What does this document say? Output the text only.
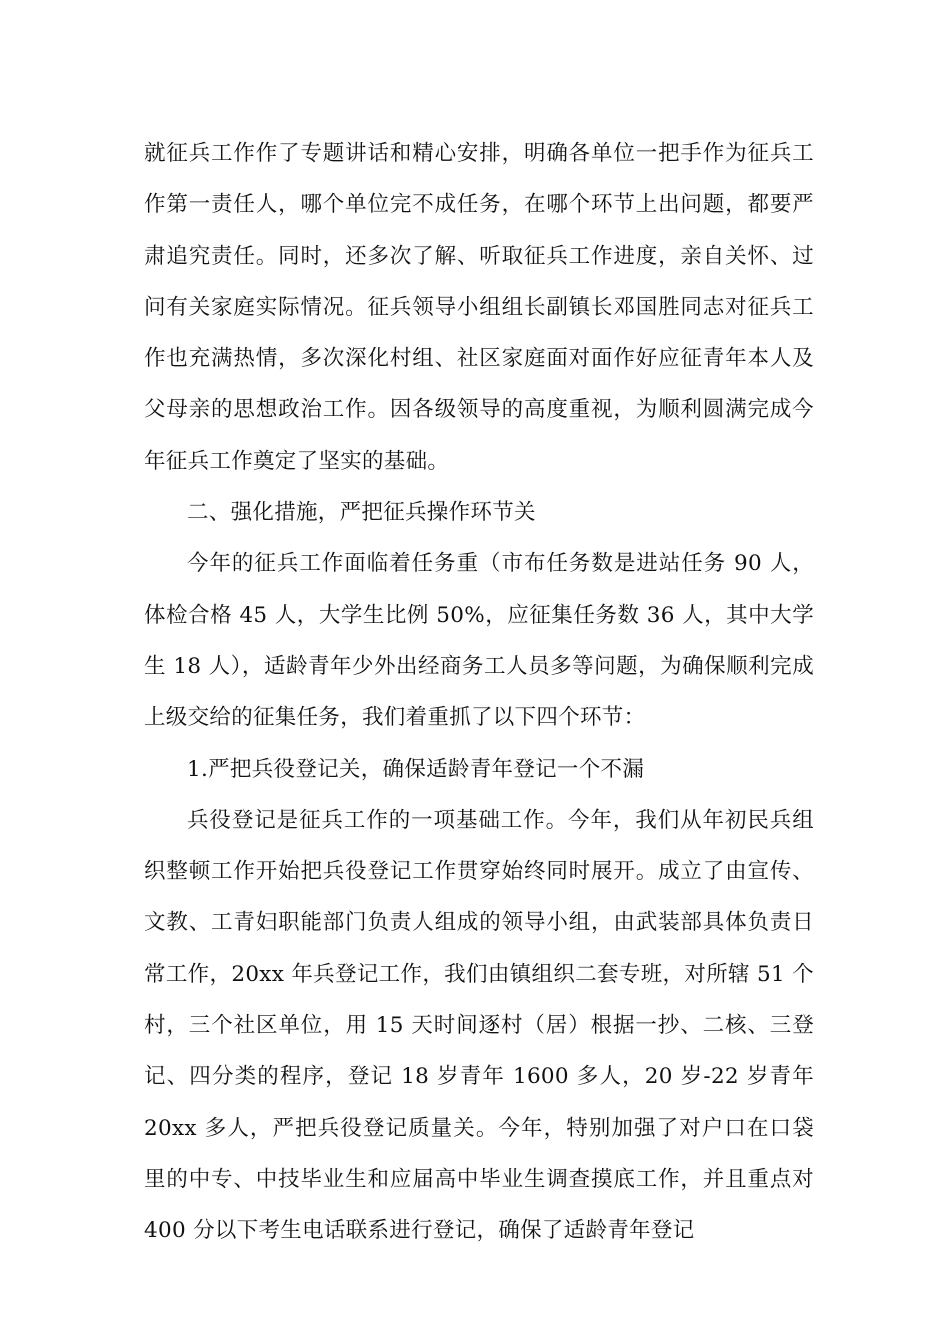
就征兵工作作了专题讲话和精心安排，明确各单位一把手作为征兵工作第一责任人，哪个单位完不成任务，在哪个环节上出问题，都要严肃追究责任。同时，还多次了解、听取征兵工作进度，亲自关怀、过问有关家庭实际情况。征兵领导小组组长副镇长邓国胜同志对征兵工作也充满热情，多次深化村组、社区家庭面对面作好应征青年本人及父母亲的思想政治工作。因各级领导的高度重视，为顺利圆满完成今年征兵工作奠定了坚实的基础。

二、强化措施，严把征兵操作环节关

今年的征兵工作面临着任务重（市布任务数是进站任务 90 人，体检合格 45 人，大学生比例 50%，应征集任务数 36 人，其中大学生 18 人），适龄青年少外出经商务工人员多等问题，为确保顺利完成上级交给的征集任务，我们着重抓了以下四个环节：

1.严把兵役登记关，确保适龄青年登记一个不漏

兵役登记是征兵工作的一项基础工作。今年，我们从年初民兵组织整顿工作开始把兵役登记工作贯穿始终同时展开。成立了由宣传、文教、工青妇职能部门负责人组成的领导小组，由武装部具体负责日常工作，20xx 年兵登记工作，我们由镇组织二套专班，对所辖 51 个村，三个社区单位，用 15 天时间逐村（居）根据一抄、二核、三登记、四分类的程序，登记 18 岁青年 1600 多人，20 岁-22 岁青年 20xx 多人，严把兵役登记质量关。今年，特别加强了对户口在口袋里的中专、中技毕业生和应届高中毕业生调查摸底工作，并且重点对 400 分以下考生电话联系进行登记，确保了适龄青年登记
